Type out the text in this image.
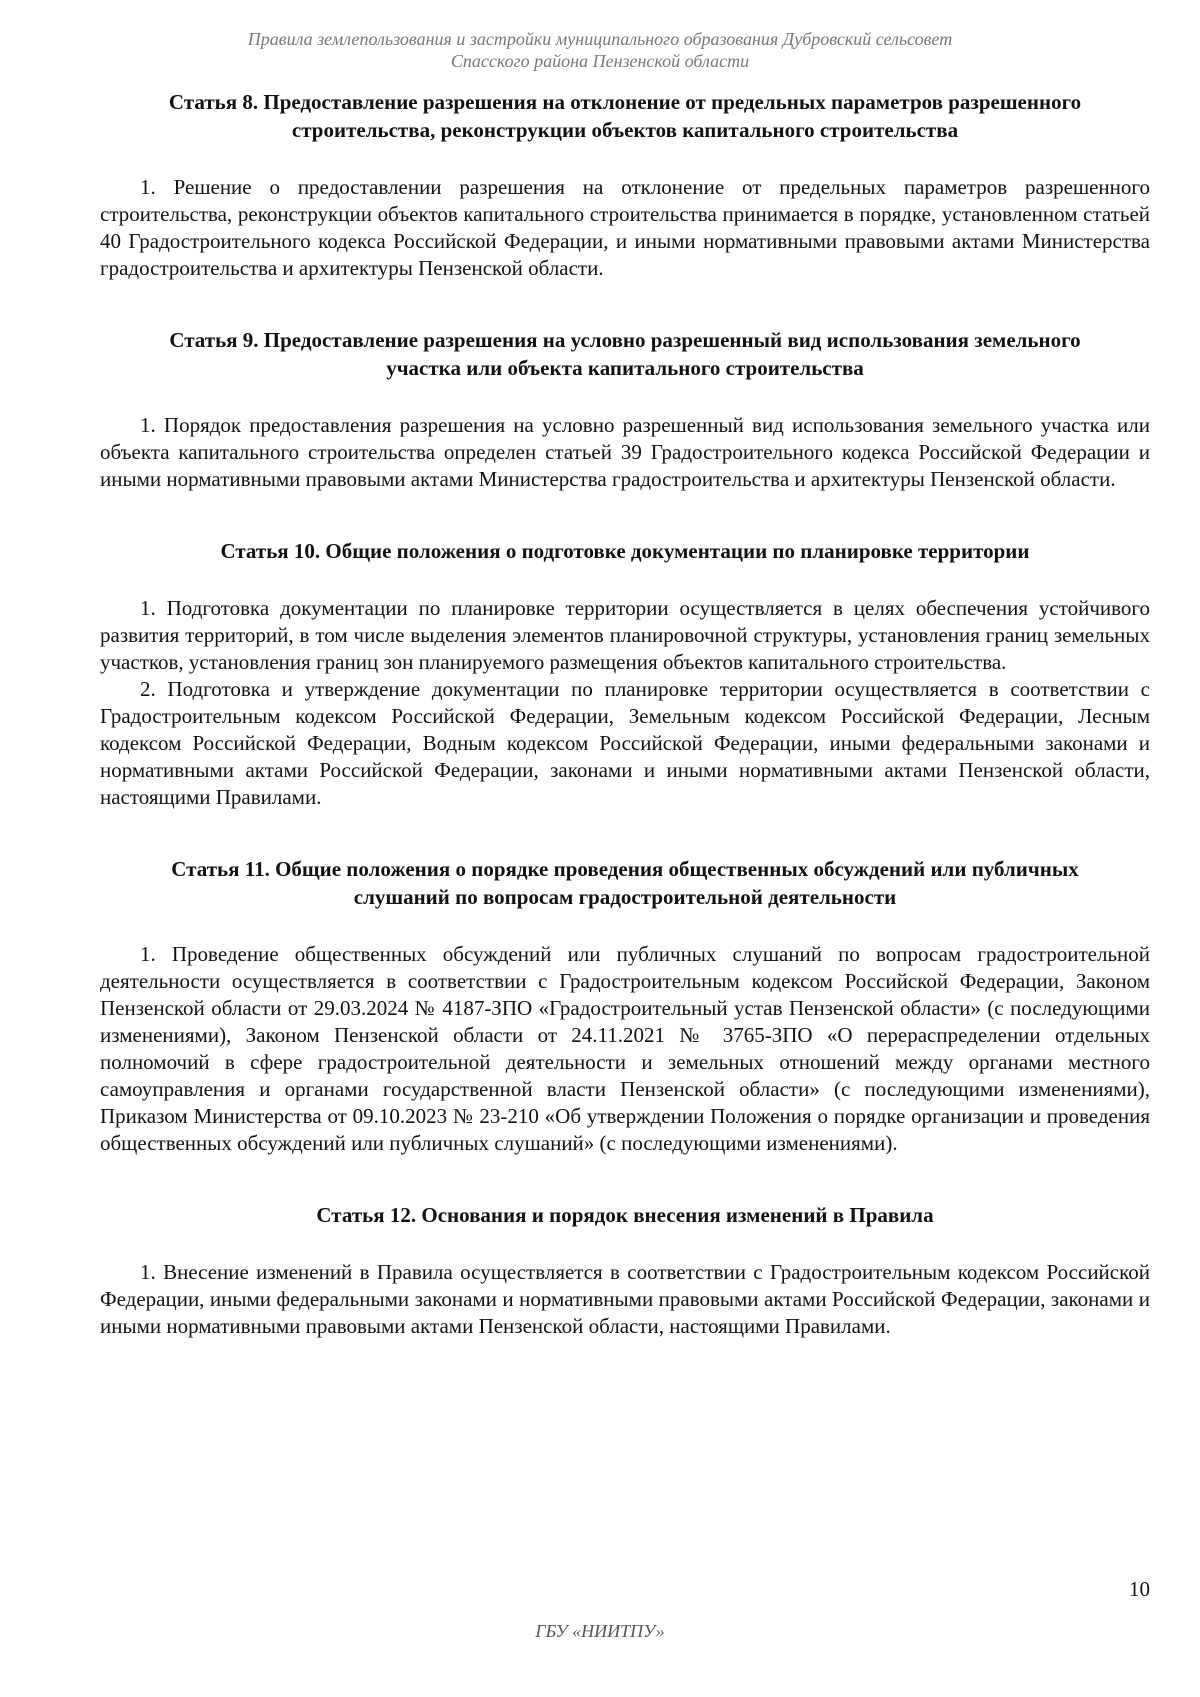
Правила землепользования и застройки муниципального образования Дубровский сельсовет
Спасского района Пензенской области
Статья 8. Предоставление разрешения на отклонение от предельных параметров разрешенного строительства, реконструкции объектов капитального строительства

1. Решение о предоставлении разрешения на отклонение от предельных параметров разрешенного строительства, реконструкции объектов капитального строительства принимается в порядке, установленном статьей 40 Градостроительного кодекса Российской Федерации, и иными нормативными правовыми актами Министерства градостроительства и архитектуры Пензенской области.

Статья 9. Предоставление разрешения на условно разрешенный вид использования земельного участка или объекта капитального строительства

1. Порядок предоставления разрешения на условно разрешенный вид использования земельного участка или объекта капитального строительства определен статьей 39 Градостроительного кодекса Российской Федерации и иными нормативными правовыми актами Министерства градостроительства и архитектуры Пензенской области.

Статья 10. Общие положения о подготовке документации по планировке территории

1. Подготовка документации по планировке территории осуществляется в целях обеспечения устойчивого развития территорий, в том числе выделения элементов планировочной структуры, установления границ земельных участков, установления границ зон планируемого размещения объектов капитального строительства.

2. Подготовка и утверждение документации по планировке территории осуществляется в соответствии с Градостроительным кодексом Российской Федерации, Земельным кодексом Российской Федерации, Лесным кодексом Российской Федерации, Водным кодексом Российской Федерации, иными федеральными законами и нормативными актами Российской Федерации, законами и иными нормативными актами Пензенской области, настоящими Правилами.

Статья 11. Общие положения о порядке проведения общественных обсуждений или публичных слушаний по вопросам градостроительной деятельности

1. Проведение общественных обсуждений или публичных слушаний по вопросам градостроительной деятельности осуществляется в соответствии с Градостроительным кодексом Российской Федерации, Законом Пензенской области от 29.03.2024 № 4187-ЗПО «Градостроительный устав Пензенской области» (с последующими изменениями), Законом Пензенской области от 24.11.2021 № 3765-ЗПО «О перераспределении отдельных полномочий в сфере градостроительной деятельности и земельных отношений между органами местного самоуправления и органами государственной власти Пензенской области» (с последующими изменениями), Приказом Министерства от 09.10.2023 № 23-210 «Об утверждении Положения о порядке организации и проведения общественных обсуждений или публичных слушаний» (с последующими изменениями).

Статья 12. Основания и порядок внесения изменений в Правила

1. Внесение изменений в Правила осуществляется в соответствии с Градостроительным кодексом Российской Федерации, иными федеральными законами и нормативными правовыми актами Российской Федерации, законами и иными нормативными правовыми актами Пензенской области, настоящими Правилами.

10
ГБУ «НИИТПУ»
